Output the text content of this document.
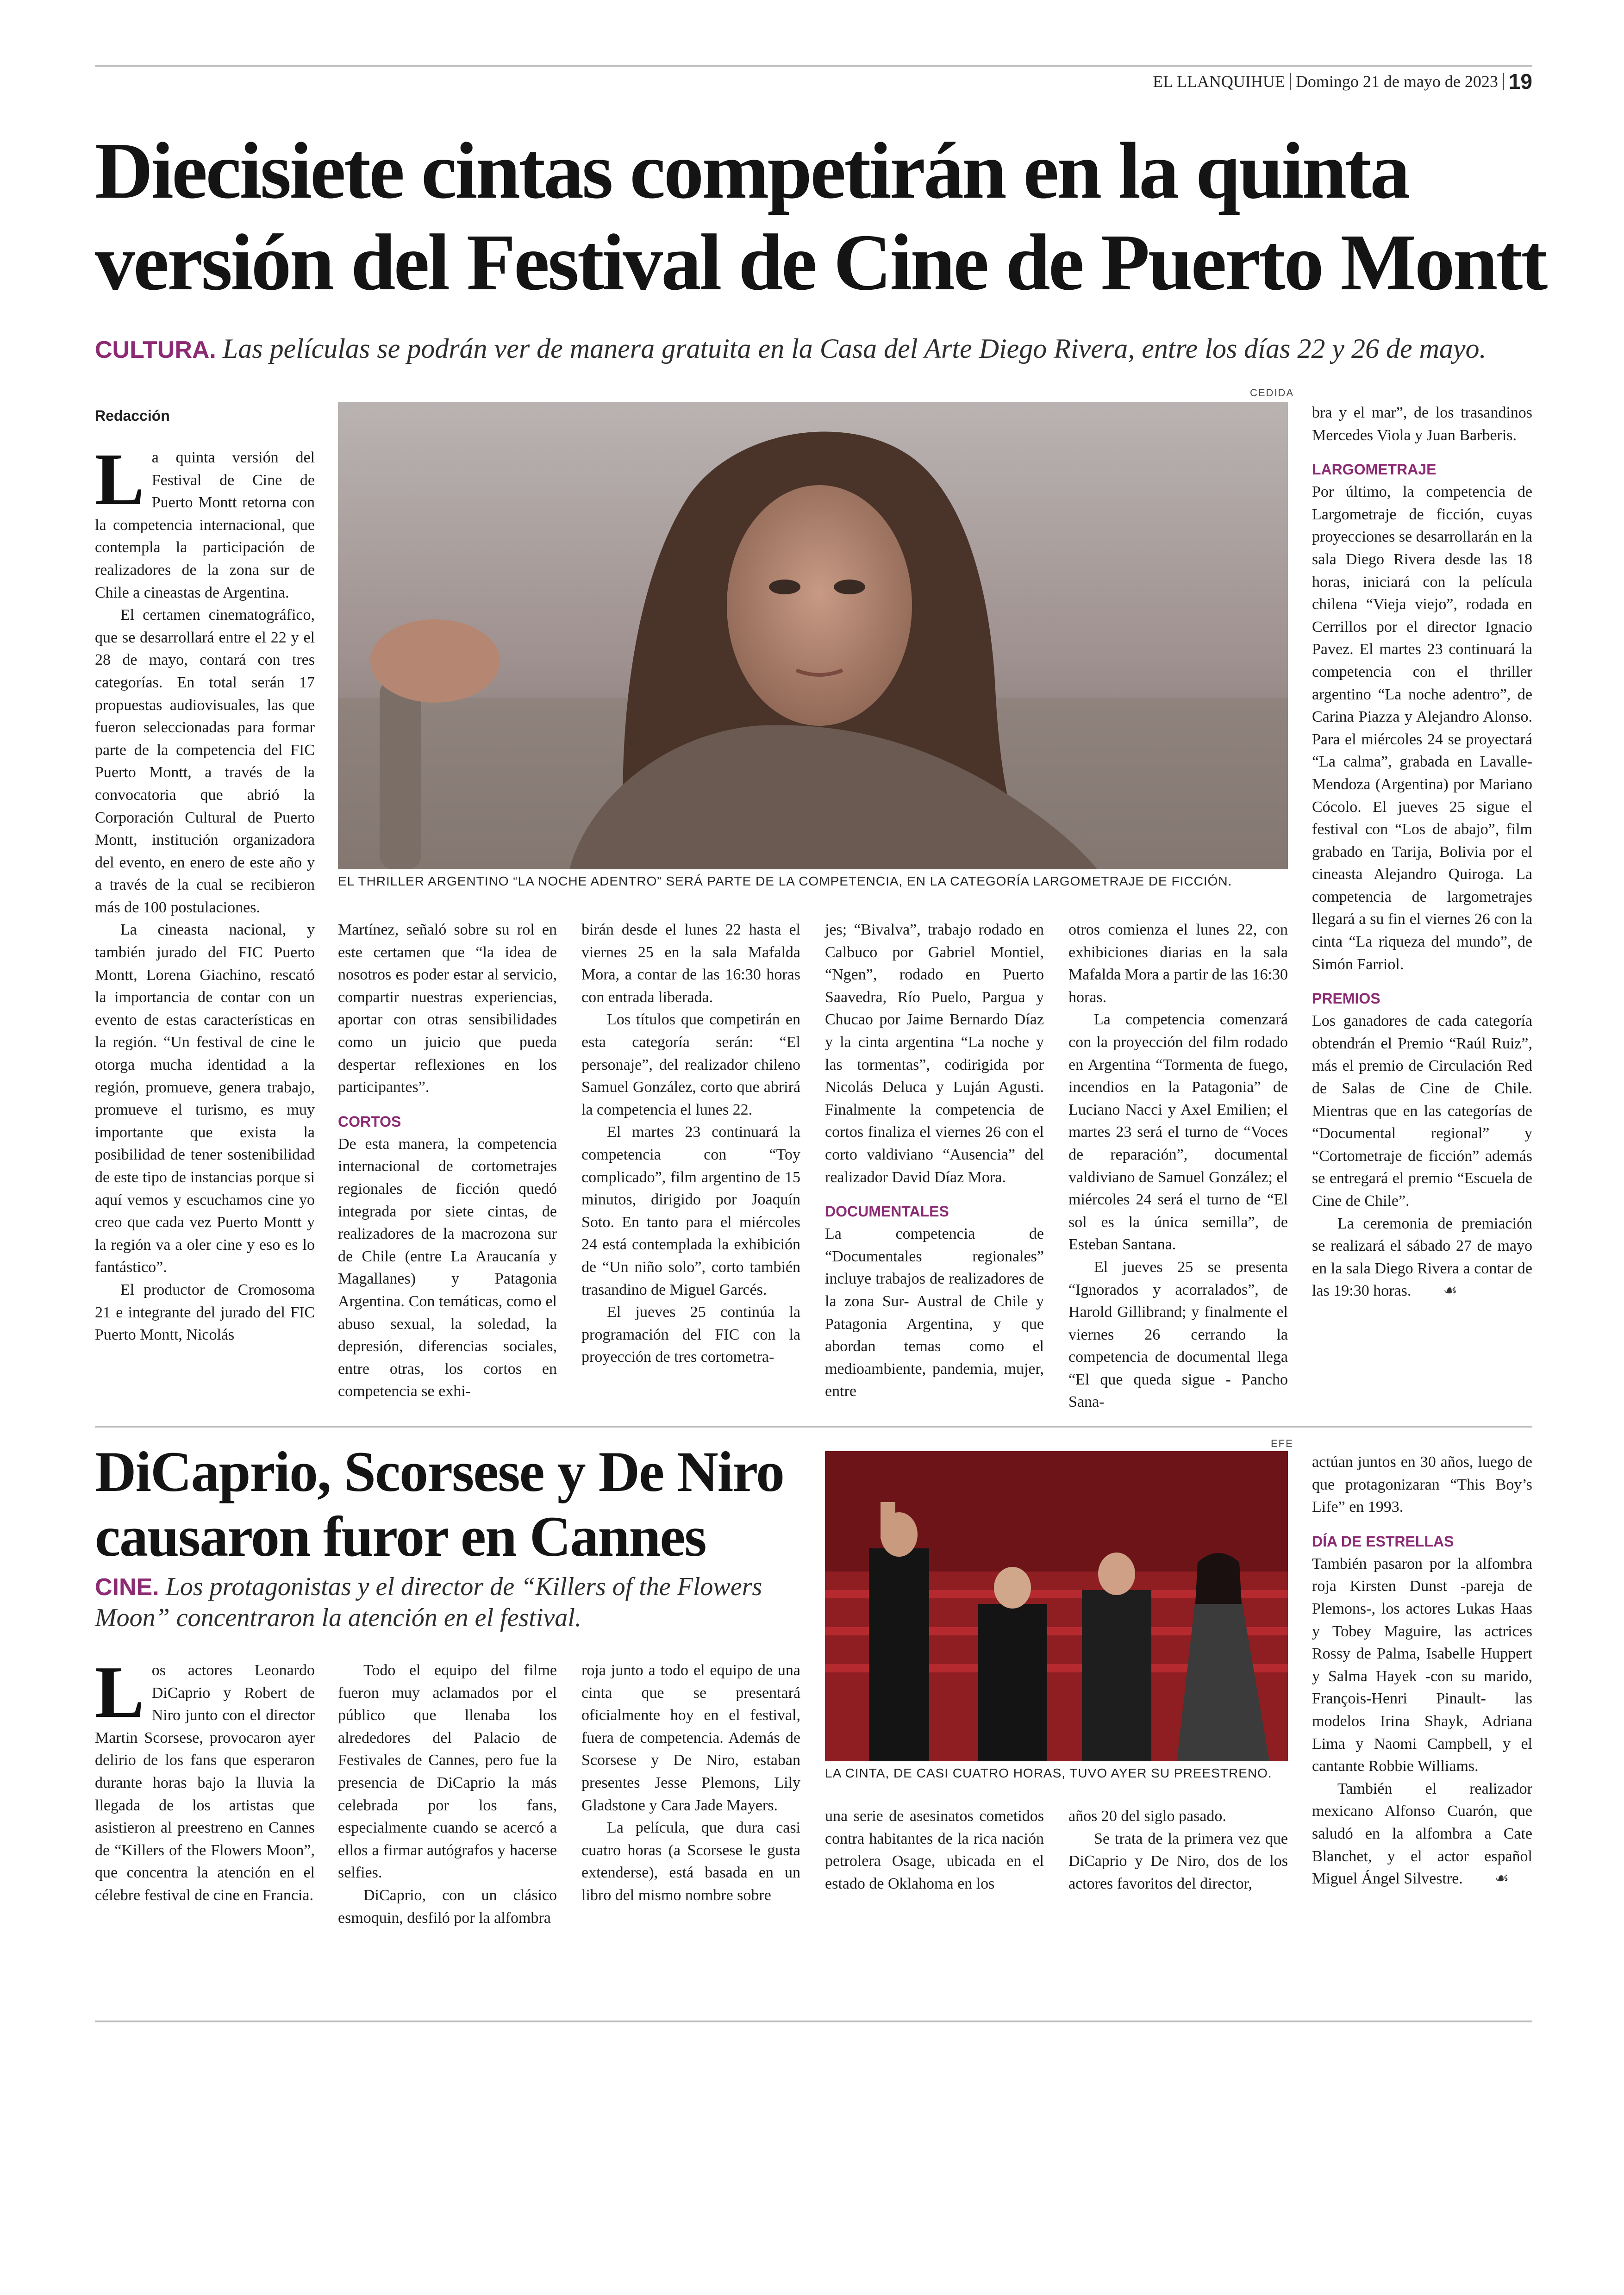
EL LLANQUIHUE Domingo 21 de mayo de 2023 19
Diecisiete cintas competirán en la quinta
versión del Festival de Cine de Puerto Montt
CULTURA. Las películas se podrán ver de manera gratuita en la Casa del Arte Diego Rivera, entre los días 22 y 26 de mayo.
Redacción

La quinta versión del Festival de Cine de Puerto Montt retorna con la competencia internacional, que contempla la participación de realizadores de la zona sur de Chile a cineastas de Argentina.

El certamen cinematográfico, que se desarrollará entre el 22 y el 28 de mayo, contará con tres categorías. En total serán 17 propuestas audiovisuales, las que fueron seleccionadas para formar parte de la competencia del FIC Puerto Montt, a través de la convocatoria que abrió la Corporación Cultural de Puerto Montt, institución organizadora del evento, en enero de este año y a través de la cual se recibieron más de 100 postulaciones.

La cineasta nacional, y también jurado del FIC Puerto Montt, Lorena Giachino, rescató la importancia de contar con un evento de estas características en la región. “Un festival de cine le otorga mucha identidad a la región, promueve, genera trabajo, promueve el turismo, es muy importante que exista la posibilidad de tener sostenibilidad de este tipo de instancias porque si aquí vemos y escuchamos cine yo creo que cada vez Puerto Montt y la región va a oler cine y eso es lo fantástico”.

El productor de Cromosoma 21 e integrante del jurado del FIC Puerto Montt, Nicolás

CEDIDA
EL THRILLER ARGENTINO “LA NOCHE ADENTRO” SERÁ PARTE DE LA COMPETENCIA, EN LA CATEGORÍA LARGOMETRAJE DE FICCIÓN.

Martínez, señaló sobre su rol en este certamen que “la idea de nosotros es poder estar al servicio, compartir nuestras experiencias, aportar con otras sensibilidades como un juicio que pueda despertar reflexiones en los participantes”.

CORTOS

De esta manera, la competencia internacional de cortometrajes regionales de ficción quedó integrada por siete cintas, de realizadores de la macrozona sur de Chile (entre La Araucanía y Magallanes) y Patagonia Argentina. Con temáticas, como el abuso sexual, la soledad, la depresión, diferencias sociales, entre otras, los cortos en competencia se exhi-

birán desde el lunes 22 hasta el viernes 25 en la sala Mafalda Mora, a contar de las 16:30 horas con entrada liberada.

Los títulos que competirán en esta categoría serán: “El personaje”, del realizador chileno Samuel González, corto que abrirá la competencia el lunes 22.

El martes 23 continuará la competencia con “Toy complicado”, film argentino de 15 minutos, dirigido por Joaquín Soto. En tanto para el miércoles 24 está contemplada la exhibición de “Un niño solo”, corto también trasandino de Miguel Garcés.

El jueves 25 continúa la programación del FIC con la proyección de tres cortometra-

jes; “Bivalva”, trabajo rodado en Calbuco por Gabriel Montiel, “Ngen”, rodado en Puerto Saavedra, Río Puelo, Pargua y Chucao por Jaime Bernardo Díaz y la cinta argentina “La noche y las tormentas”, codirigida por Nicolás Deluca y Luján Agusti. Finalmente la competencia de cortos finaliza el viernes 26 con el corto valdiviano “Ausencia” del realizador David Díaz Mora.

DOCUMENTALES

La competencia de “Documentales regionales” incluye trabajos de realizadores de la zona Sur- Austral de Chile y Patagonia Argentina, y que abordan temas como el medioambiente, pandemia, mujer, entre

otros comienza el lunes 22, con exhibiciones diarias en la sala Mafalda Mora a partir de las 16:30 horas.

La competencia comenzará con la proyección del film rodado en Argentina “Tormenta de fuego, incendios en la Patagonia” de Luciano Nacci y Axel Emilien; el martes 23 será el turno de “Voces de reparación”, documental valdiviano de Samuel González; el miércoles 24 será el turno de “El sol es la única semilla”, de Esteban Santana.

El jueves 25 se presenta “Ignorados y acorralados”, de Harold Gillibrand; y finalmente el viernes 26 cerrando la competencia de documental llega “El que queda sigue - Pancho Sana-

bra y el mar”, de los trasandinos Mercedes Viola y Juan Barberis.

LARGOMETRAJE

Por último, la competencia de Largometraje de ficción, cuyas proyecciones se desarrollarán en la sala Diego Rivera desde las 18 horas, iniciará con la película chilena “Vieja viejo”, rodada en Cerrillos por el director Ignacio Pavez. El martes 23 continuará la competencia con el thriller argentino “La noche adentro”, de Carina Piazza y Alejandro Alonso. Para el miércoles 24 se proyectará “La calma”, grabada en Lavalle-Mendoza (Argentina) por Mariano Cócolo. El jueves 25 sigue el festival con “Los de abajo”, film grabado en Tarija, Bolivia por el cineasta Alejandro Quiroga. La competencia de largometrajes llegará a su fin el viernes 26 con la cinta “La riqueza del mundo”, de Simón Farriol.

PREMIOS

Los ganadores de cada categoría obtendrán el Premio “Raúl Ruiz”, más el premio de Circulación Red de Salas de Cine de Chile. Mientras que en las categorías de “Documental regional” y “Cortometraje de ficción” además se entregará el premio “Escuela de Cine de Chile”.

La ceremonia de premiación se realizará el sábado 27 de mayo en la sala Diego Rivera a contar de las 19:30 horas. ☙

DiCaprio, Scorsese y De Niro
causaron furor en Cannes
CINE. Los protagonistas y el director de “Killers of the Flowers Moon” concentraron la atención en el festival.
EFE
LA CINTA, DE CASI CUATRO HORAS, TUVO AYER SU PREESTRENO.

Los actores Leonardo DiCaprio y Robert de Niro junto con el director Martin Scorsese, provocaron ayer delirio de los fans que esperaron durante horas bajo la lluvia la llegada de los artistas que asistieron al preestreno en Cannes de “Killers of the Flowers Moon”, que concentra la atención en el célebre festival de cine en Francia.

Todo el equipo del filme fueron muy aclamados por el público que llenaba los alrededores del Palacio de Festivales de Cannes, pero fue la presencia de DiCaprio la más celebrada por los fans, especialmente cuando se acercó a ellos a firmar autógrafos y hacerse selfies.

DiCaprio, con un clásico esmoquin, desfiló por la alfombra

roja junto a todo el equipo de una cinta que se presentará oficialmente hoy en el festival, fuera de competencia. Además de Scorsese y De Niro, estaban presentes Jesse Plemons, Lily Gladstone y Cara Jade Mayers.

La película, que dura casi cuatro horas (a Scorsese le gusta extenderse), está basada en un libro del mismo nombre sobre

una serie de asesinatos cometidos contra habitantes de la rica nación petrolera Osage, ubicada en el estado de Oklahoma en los

años 20 del siglo pasado.

Se trata de la primera vez que DiCaprio y De Niro, dos de los actores favoritos del director,

actúan juntos en 30 años, luego de que protagonizaran “This Boy’s Life” en 1993.

DÍA DE ESTRELLAS

También pasaron por la alfombra roja Kirsten Dunst -pareja de Plemons-, los actores Lukas Haas y Tobey Maguire, las actrices Rossy de Palma, Isabelle Huppert y Salma Hayek -con su marido, François-Henri Pinault- las modelos Irina Shayk, Adriana Lima y Naomi Campbell, y el cantante Robbie Williams.

También el realizador mexicano Alfonso Cuarón, que saludó en la alfombra a Cate Blanchet, y el actor español Miguel Ángel Silvestre. ☙
